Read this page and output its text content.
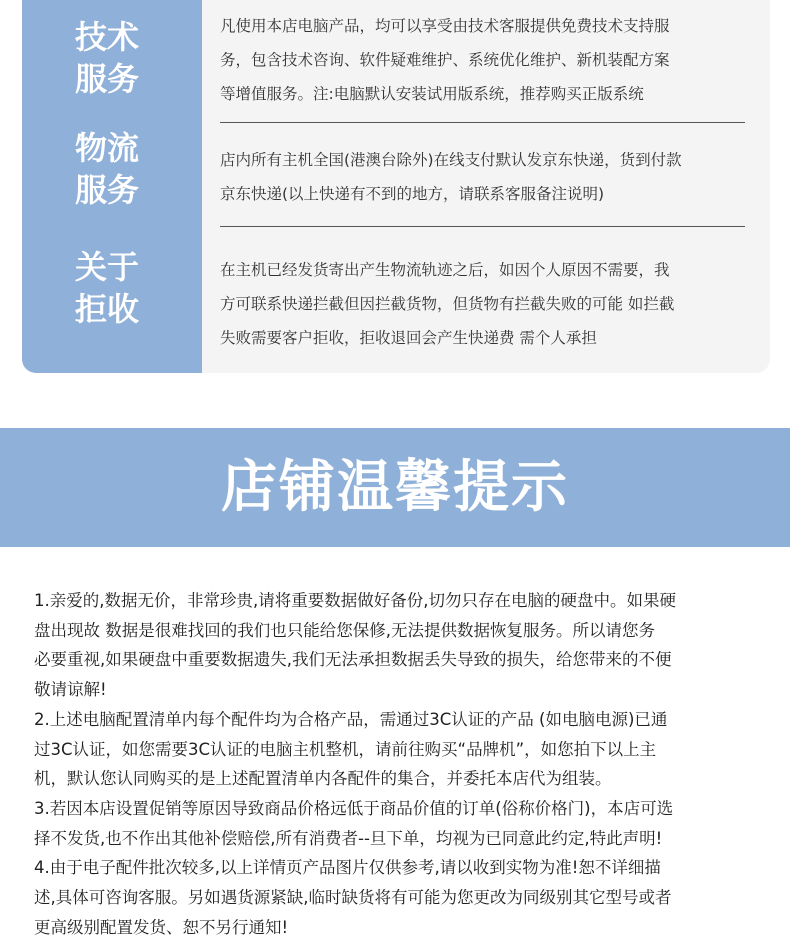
技术
服务
物流
服务
关于
拒收
凡使用本店电脑产品，均可以享受由技术客服提供免费技术支持服
务，包含技术咨询、软件疑难维护、系统优化维护、新机装配方案
等增值服务。注:电脑默认安装试用版系统，推荐购买正版系统
店内所有主机全国(港澳台除外)在线支付默认发京东快递，货到付款
京东快递(以上快递有不到的地方，请联系客服备注说明)
在主机已经发货寄出产生物流轨迹之后，如因个人原因不需要，我
方可联系快递拦截但因拦截货物，但货物有拦截失败的可能 如拦截
失败需要客户拒收，拒收退回会产生快递费 需个人承担
店铺温馨提示
1.亲爱的,数据无价，非常珍贵,请将重要数据做好备份,切勿只存在电脑的硬盘中。如果硬
盘出现故 数据是很难找回的我们也只能给您保修,无法提供数据恢复服务。所以请您务
必要重视,如果硬盘中重要数据遗失,我们无法承担数据丢失导致的损失，给您带来的不便
敬请谅解!
2.上述电脑配置清单内每个配件均为合格产品，需通过3C认证的产品 (如电脑电源)已通
过3C认证，如您需要3C认证的电脑主机整机，请前往购买“品牌机”，如您拍下以上主
机，默认您认同购买的是上述配置清单内各配件的集合，并委托本店代为组装。
3.若因本店设置促销等原因导致商品价格远低于商品价值的订单(俗称价格门)，本店可选
择不发货,也不作出其他补偿赔偿,所有消费者--旦下单，均视为已同意此约定,特此声明!
4.由于电子配件批次较多,以上详情页产品图片仅供参考,请以收到实物为准!恕不详细描
述,具体可咨询客服。另如遇货源紧缺,临时缺货将有可能为您更改为同级别其它型号或者
更高级别配置发货、恕不另行通知!
